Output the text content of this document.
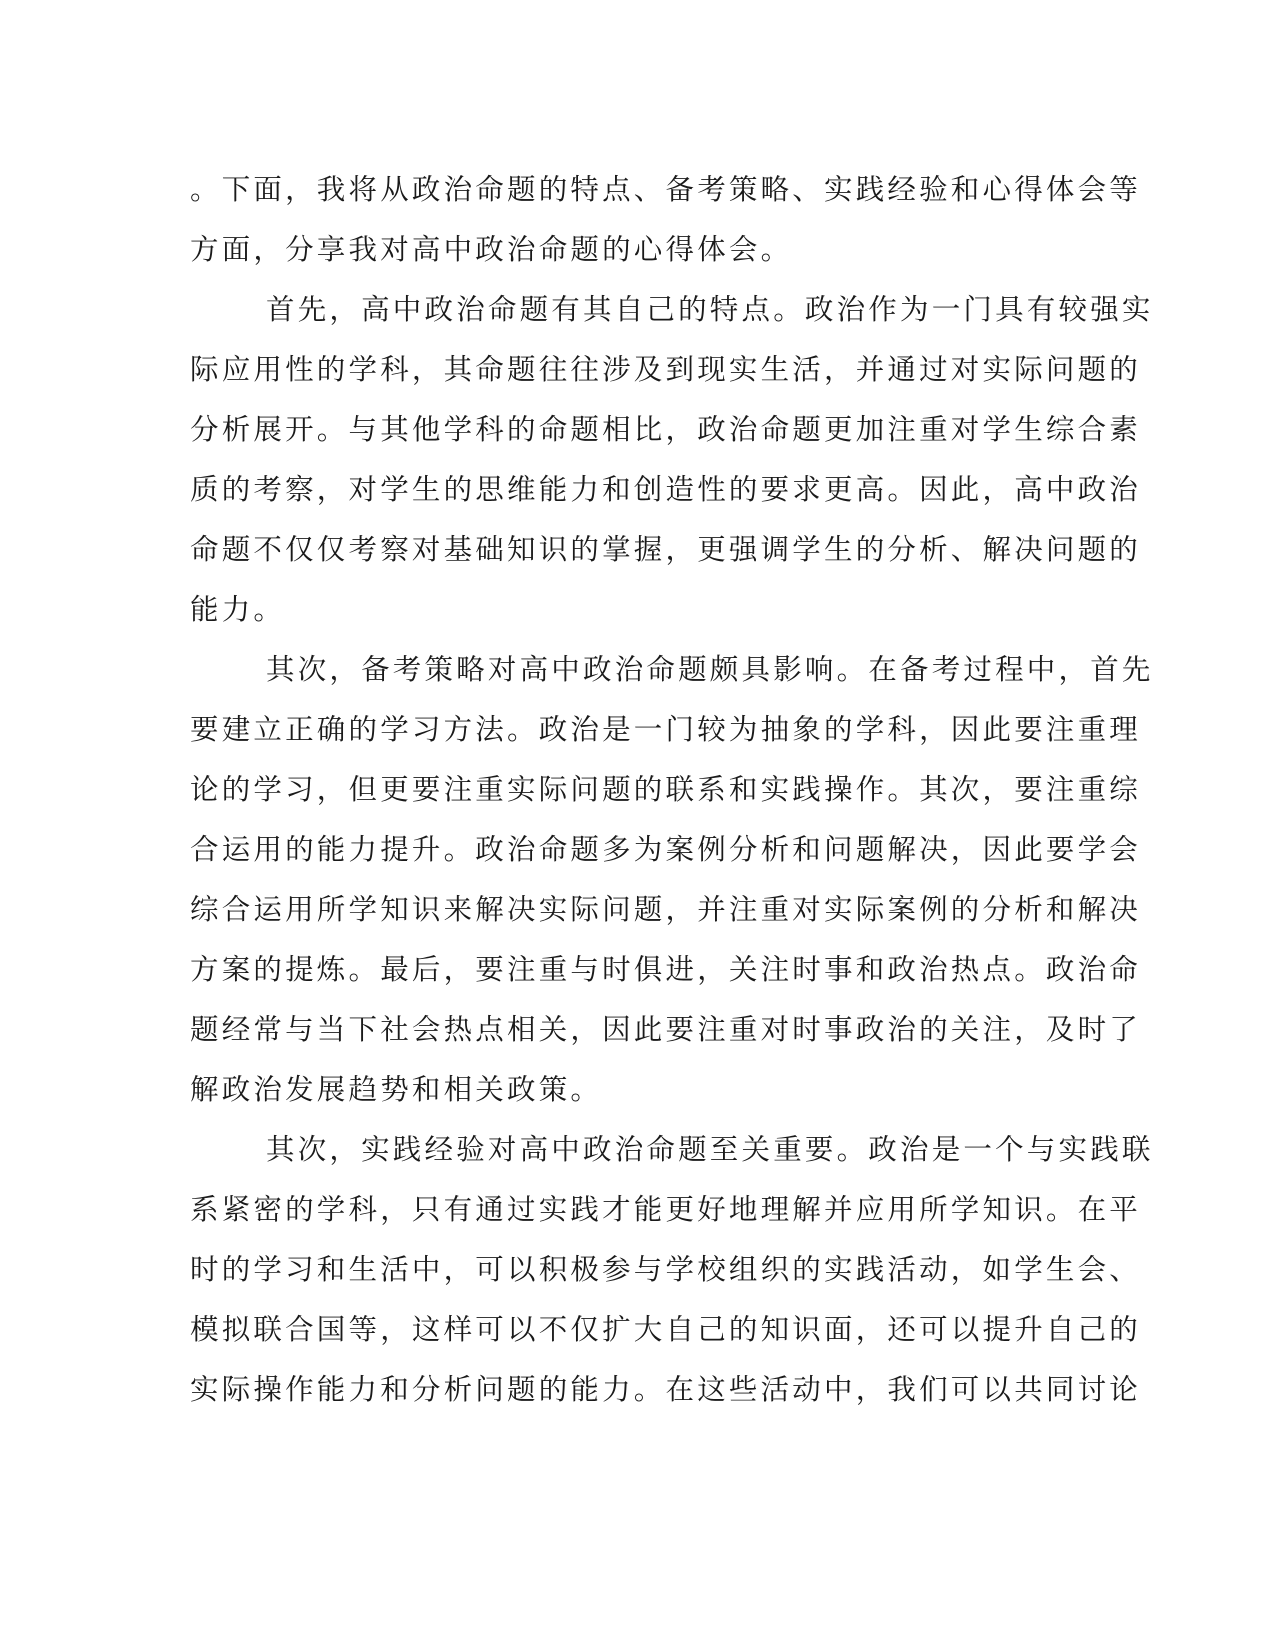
。下面，我将从政治命题的特点、备考策略、实践经验和心得体会等
方面，分享我对高中政治命题的心得体会。
首先，高中政治命题有其自己的特点。政治作为一门具有较强实
际应用性的学科，其命题往往涉及到现实生活，并通过对实际问题的
分析展开。与其他学科的命题相比，政治命题更加注重对学生综合素
质的考察，对学生的思维能力和创造性的要求更高。因此，高中政治
命题不仅仅考察对基础知识的掌握，更强调学生的分析、解决问题的
能力。
其次，备考策略对高中政治命题颇具影响。在备考过程中，首先
要建立正确的学习方法。政治是一门较为抽象的学科，因此要注重理
论的学习，但更要注重实际问题的联系和实践操作。其次，要注重综
合运用的能力提升。政治命题多为案例分析和问题解决，因此要学会
综合运用所学知识来解决实际问题，并注重对实际案例的分析和解决
方案的提炼。最后，要注重与时俱进，关注时事和政治热点。政治命
题经常与当下社会热点相关，因此要注重对时事政治的关注，及时了
解政治发展趋势和相关政策。
其次，实践经验对高中政治命题至关重要。政治是一个与实践联
系紧密的学科，只有通过实践才能更好地理解并应用所学知识。在平
时的学习和生活中，可以积极参与学校组织的实践活动，如学生会、
模拟联合国等，这样可以不仅扩大自己的知识面，还可以提升自己的
实际操作能力和分析问题的能力。在这些活动中，我们可以共同讨论
